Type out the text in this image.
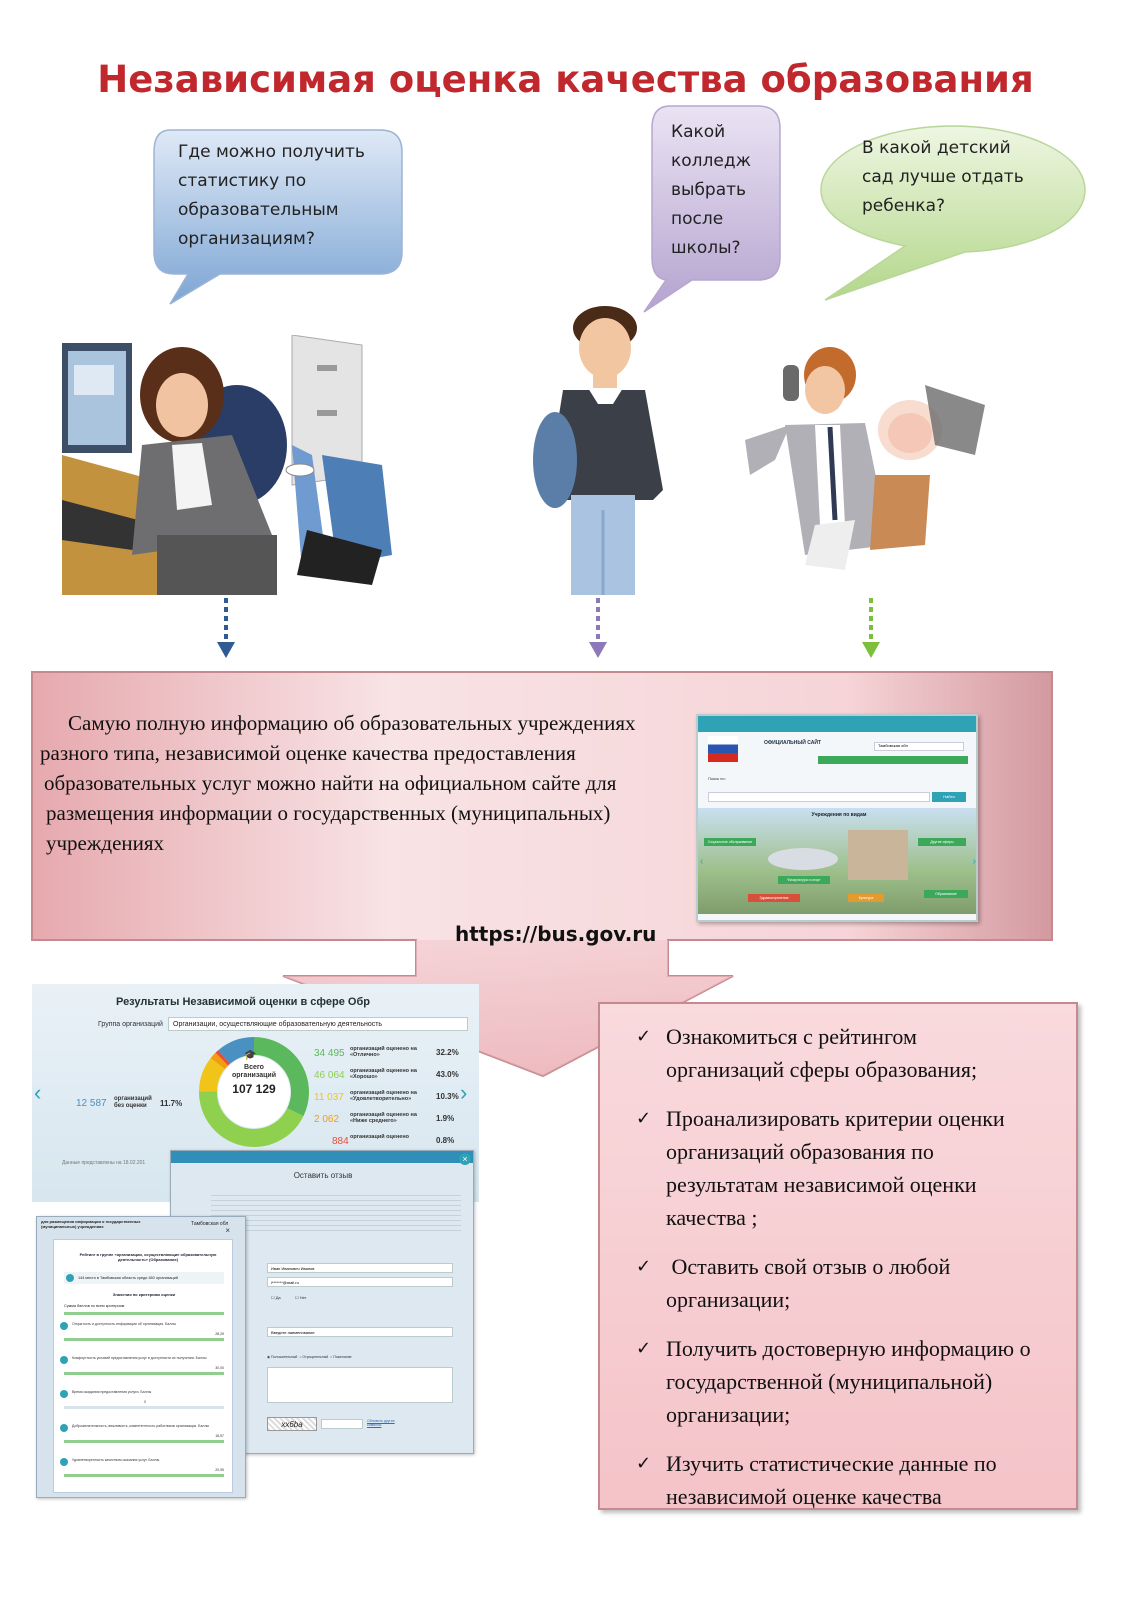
Независимая оценка качества образования
Где можно получить
статистику по
образовательным
организациям?
Какой
колледж
выбрать
после
школы?
В какой детский
сад лучше отдать
ребенка?

Самую полную информацию об образовательных учреждениях

разного типа, независимой оценке качества предоставления

образовательных услуг можно найти на официальном сайте для

размещения информации о государственных (муниципальных)

учреждениях

https://bus.gov.ru
ОФИЦИАЛЬНЫЙ САЙТ	Тамбовская обл
Поиск по:
Найти
Учреждения по видам
Социальное обслуживание
Физкультура и спорт
Здравоохранение	Культура
Образование
Другие сферы
‹	›
Результаты Независимой оценки в сфере Обр
Группа организаций	Организации, осуществляющие образовательную деятельность
‹	›
12 587 организаций без оценки	11.7%
🎓
Всего организаций
107 129
34 495 организаций оценено на «Отлично»	32.2%
46 064 организаций оценено на «Хорошо»	43.0%
11 037 организаций оценено на «Удовлетворительно»	10.3%
2 062 организаций оценено на «Ниже среднего»	1.9%
884 организаций оценено	0.8%
Данные представлены на 18.02.201	×
Оставить отзыв
Иван Иванович Иванов
i*******@mail.ru
☐ Да	☐ Нет
Введите наименование
◉ Положительный  ○ Отрицательный  ○ Пожелание
xx6ba	Обновить другие символы
для размещения информации о государственных (муниципальных) учреждениях	Тамбовская обл
×
Рейтинг в группе «организации, осуществляющие образовательную деятельность» (Образование)
144 место в Тамбовская область среди 460 организаций
Значения по критериям оценки
Сумма баллов по всем критериям
Открытость и доступность информации об организации. Баллы
28,29
Комфортность условий предоставления услуг в доступности их получения. Баллы
30,00
Время ожидания предоставления услуги. Баллы
0
Доброжелательность, вежливость, компетентность работников организации. Баллы
18,57
Удовлетворенность качеством оказания услуг. Баллы
20,95
✓ Ознакомиться с рейтингом
организаций сферы образования;
✓ Проанализировать критерии оценки
организаций образования по
результатам независимой оценки
качества ;
✓ Оставить свой отзыв о любой
организации;
✓ Получить достоверную информацию о
государственной (муниципальной)
организации;
✓ Изучить статистические данные по
независимой оценке качества
